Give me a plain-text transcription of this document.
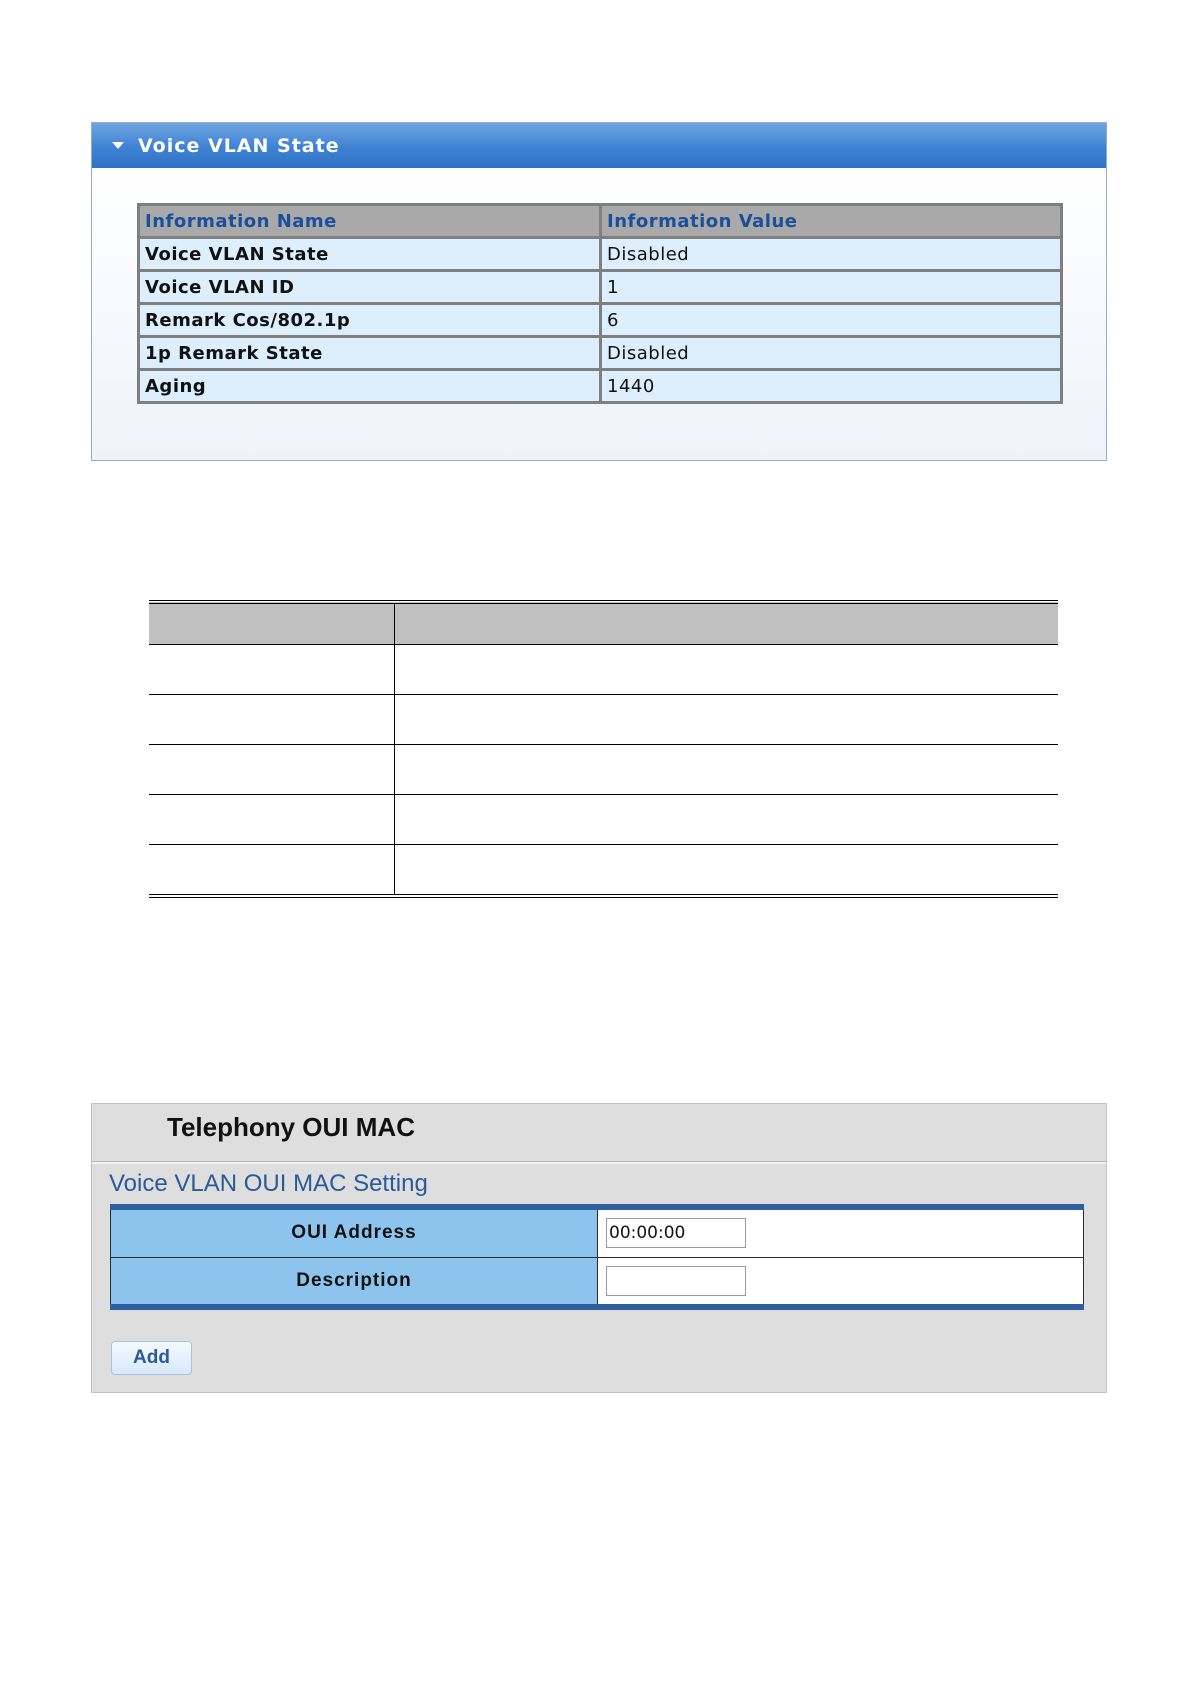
Voice VLAN State
Information Name	Information Value
Voice VLAN State	Disabled
Voice VLAN ID	1
Remark Cos/802.1p	6
1p Remark State	Disabled
Aging	1440

Telephony OUI MAC
Voice VLAN OUI MAC Setting
OUI Address	00:00:00
Description	
Add
